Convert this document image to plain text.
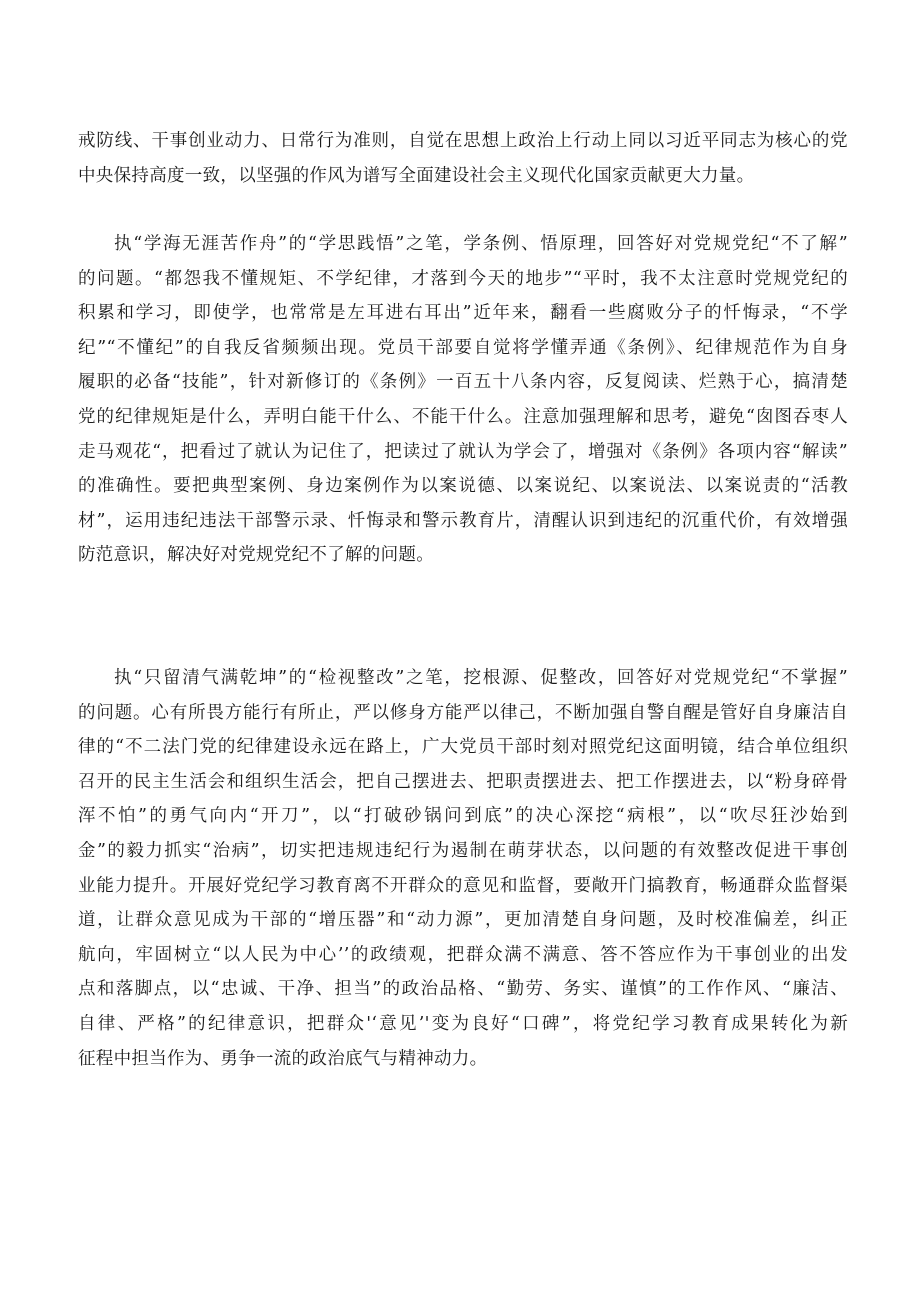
戒防线、干事创业动力、日常行为准则，自觉在思想上政治上行动上同以习近平同志为核心的党
中央保持高度一致，以坚强的作风为谱写全面建设社会主义现代化国家贡献更大力量。

执“学海无涯苦作舟”的“学思践悟”之笔，学条例、悟原理，回答好对党规党纪“不了解”
的问题。“都怨我不懂规矩、不学纪律，才落到今天的地步”“平时，我不太注意时党规党纪的
积累和学习，即使学，也常常是左耳进右耳出”近年来，翻看一些腐败分子的忏悔录，“不学
纪”“不懂纪”的自我反省频频出现。党员干部要自觉将学懂弄通《条例》、纪律规范作为自身
履职的必备“技能”，针对新修订的《条例》一百五十八条内容，反复阅读、烂熟于心，搞清楚
党的纪律规矩是什么，弄明白能干什么、不能干什么。注意加强理解和思考，避免“囱图吞枣人
走马观花“，把看过了就认为记住了，把读过了就认为学会了，增强对《条例》各项内容“解读”
的准确性。要把典型案例、身边案例作为以案说德、以案说纪、以案说法、以案说责的“活教
材”，运用违纪违法干部警示录、忏悔录和警示教育片，清醒认识到违纪的沉重代价，有效增强
防范意识，解决好对党规党纪不了解的问题。

执“只留清气满乾坤”的“检视整改”之笔，挖根源、促整改，回答好对党规党纪“不掌握”
的问题。心有所畏方能行有所止，严以修身方能严以律己，不断加强自警自醒是管好自身廉洁自
律的“不二法门党的纪律建设永远在路上，广大党员干部时刻对照党纪这面明镜，结合单位组织
召开的民主生活会和组织生活会，把自己摆进去、把职责摆进去、把工作摆进去，以“粉身碎骨
浑不怕”的勇气向内“开刀”，以“打破砂锅问到底”的决心深挖“病根”，以“吹尽狂沙始到
金”的毅力抓实“治病”，切实把违规违纪行为遏制在萌芽状态，以问题的有效整改促进干事创
业能力提升。开展好党纪学习教育离不开群众的意见和监督，要敞开门搞教育，畅通群众监督渠
道，让群众意见成为干部的“增压器”和“动力源”，更加清楚自身问题，及时校准偏差，纠正
航向，牢固树立“以人民为中心’’的政绩观，把群众满不满意、答不答应作为干事创业的出发
点和落脚点，以“忠诚、干净、担当”的政治品格、“勤劳、务实、谨慎”的工作作风、“廉洁、
自律、严格”的纪律意识，把群众'‘意见’'变为良好“口碑”，将党纪学习教育成果转化为新
征程中担当作为、勇争一流的政治底气与精神动力。
